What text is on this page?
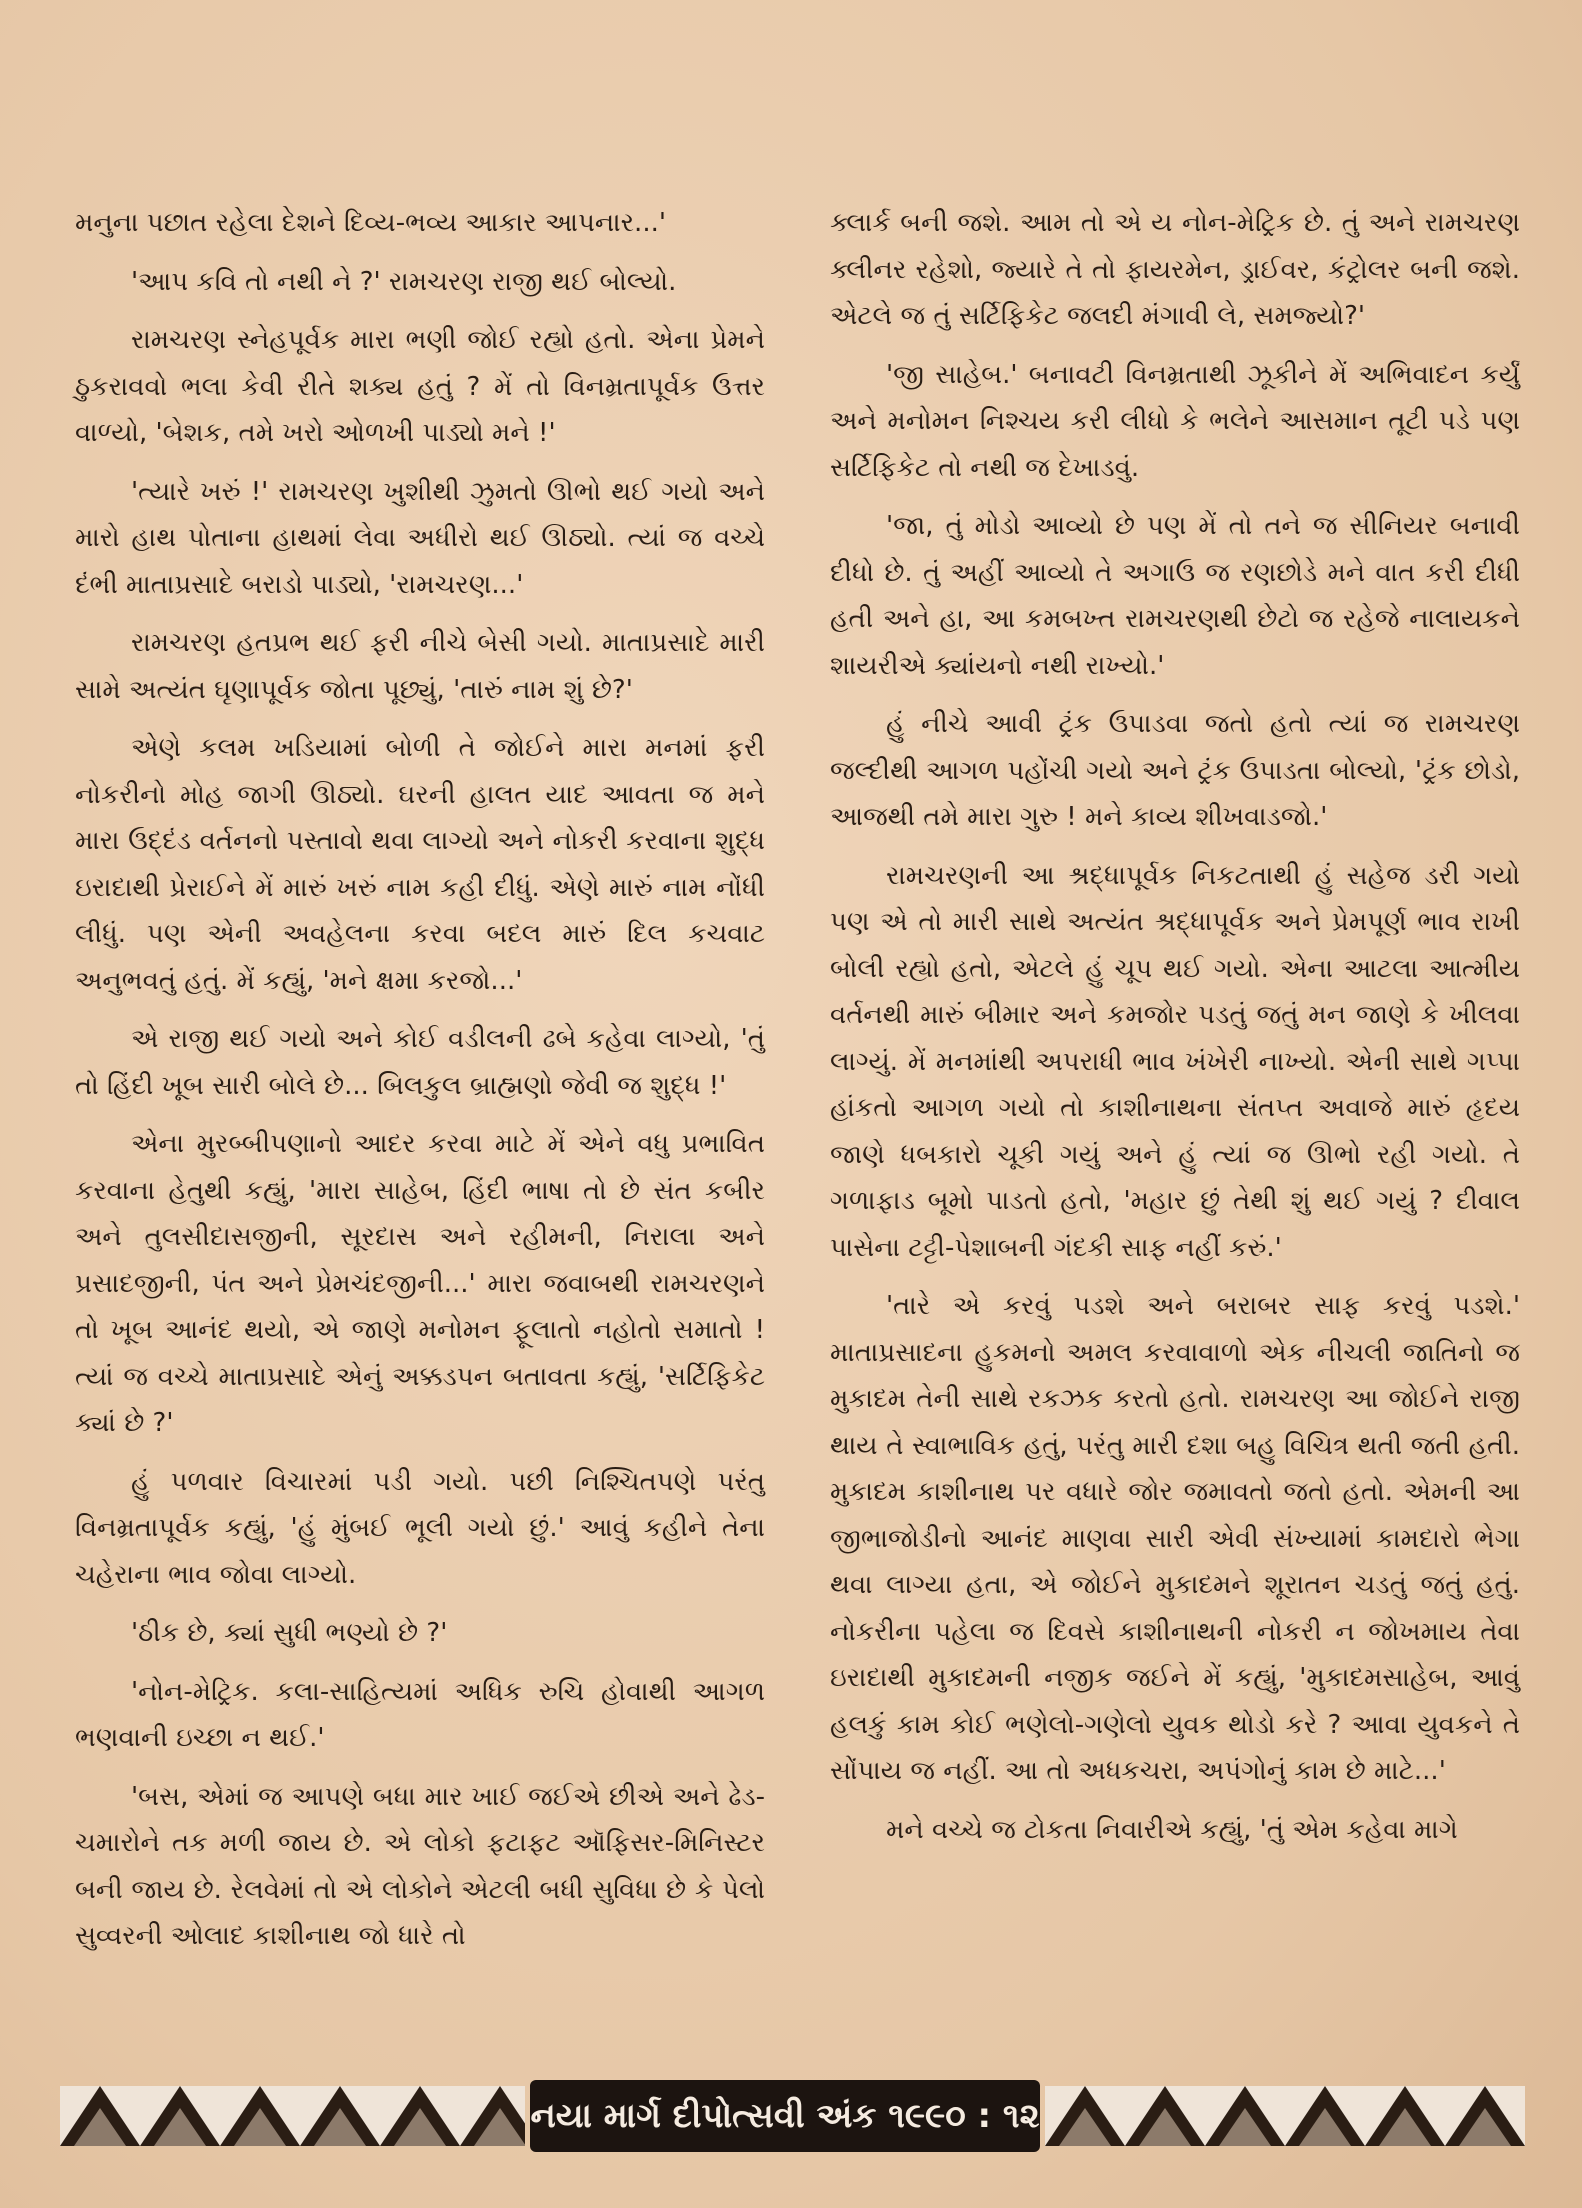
મનુના પછાત રહેલા દેશને દિવ્ય-ભવ્ય આકાર આપનાર...'

'આપ કવિ તો નથી ને ?' રામચરણ રાજી થઈ બોલ્યો.

રામચરણ સ્નેહપૂર્વક મારા ભણી જોઈ રહ્યો હતો. એના પ્રેમને ઠુકરાવવો ભલા કેવી રીતે શક્ય હતું ? મેં તો વિનમ્રતાપૂર્વક ઉત્તર વાળ્યો, 'બેશક, તમે ખરો ઓળખી પાડ્યો મને !'

'ત્યારે ખરું !' રામચરણ ખુશીથી ઝુમતો ઊભો થઈ ગયો અને મારો હાથ પોતાના હાથમાં લેવા અધીરો થઈ ઊઠ્યો. ત્યાં જ વચ્ચે દંભી માતાપ્રસાદે બરાડો પાડ્યો, 'રામચરણ...'

રામચરણ હતપ્રભ થઈ ફરી નીચે બેસી ગયો. માતાપ્રસાદે મારી સામે અત્યંત ઘૃણાપૂર્વક જોતા પૂછ્યું, 'તારું નામ શું છે?'

એણે કલમ ખડિયામાં બોળી તે જોઈને મારા મનમાં ફરી નોકરીનો મોહ જાગી ઊઠ્યો. ઘરની હાલત યાદ આવતા જ મને મારા ઉદ્દંડ વર્તનનો પસ્તાવો થવા લાગ્યો અને નોકરી કરવાના શુદ્ધ ઇરાદાથી પ્રેરાઈને મેં મારું ખરું નામ કહી દીધું. એણે મારું નામ નોંધી લીધું. પણ એની અવહેલના કરવા બદલ મારું દિલ કચવાટ અનુભવતું હતું. મેં કહ્યું, 'મને ક્ષમા કરજો...'

એ રાજી થઈ ગયો અને કોઈ વડીલની ઢબે કહેવા લાગ્યો, 'તું તો હિંદી ખૂબ સારી બોલે છે... બિલકુલ બ્રાહ્મણો જેવી જ શુદ્ધ !'

એના મુરબ્બીપણાનો આદર કરવા માટે મેં એને વધુ પ્રભાવિત કરવાના હેતુથી કહ્યું, 'મારા સાહેબ, હિંદી ભાષા તો છે સંત કબીર અને તુલસીદાસજીની, સૂરદાસ અને રહીમની, નિરાલા અને પ્રસાદજીની, પંત અને પ્રેમચંદજીની...' મારા જવાબથી રામચરણને તો ખૂબ આનંદ થયો, એ જાણે મનોમન ફૂલાતો નહોતો સમાતો ! ત્યાં જ વચ્ચે માતાપ્રસાદે એનું અક્કડપન બતાવતા કહ્યું, 'સર્ટિફિકેટ ક્યાં છે ?'

હું પળવાર વિચારમાં પડી ગયો. પછી નિશ્ચિતપણે પરંતુ વિનમ્રતાપૂર્વક કહ્યું, 'હું મુંબઈ ભૂલી ગયો છું.' આવું કહીને તેના ચહેરાના ભાવ જોવા લાગ્યો.

'ઠીક છે, ક્યાં સુધી ભણ્યો છે ?'

'નોન-મેટ્રિક. કલા-સાહિત્યમાં અધિક રુચિ હોવાથી આગળ ભણવાની ઇચ્છા ન થઈ.'

'બસ, એમાં જ આપણે બધા માર ખાઈ જઈએ છીએ અને ઢેડ-ચમારોને તક મળી જાય છે. એ લોકો ફટાફટ ઑફિસર-મિનિસ્ટર બની જાય છે. રેલવેમાં તો એ લોકોને એટલી બધી સુવિધા છે કે પેલો સુવ્વરની ઓલાદ કાશીનાથ જો ધારે તો

ક્લાર્ક બની જશે. આમ તો એ ય નોન-મેટ્રિક છે. તું અને રામચરણ ક્લીનર રહેશો, જ્યારે તે તો ફાયરમેન, ડ્રાઈવર, કંટ્રોલર બની જશે. એટલે જ તું સર્ટિફિકેટ જલદી મંગાવી લે, સમજ્યો?'

'જી સાહેબ.' બનાવટી વિનમ્રતાથી ઝૂકીને મેં અભિવાદન કર્યું અને મનોમન નિશ્ચય કરી લીધો કે ભલેને આસમાન તૂટી પડે પણ સર્ટિફિકેટ તો નથી જ દેખાડવું.

'જા, તું મોડો આવ્યો છે પણ મેં તો તને જ સીનિયર બનાવી દીધો છે. તું અહીં આવ્યો તે અગાઉ જ રણછોડે મને વાત કરી દીધી હતી અને હા, આ કમબખ્ત રામચરણથી છેટો જ રહેજે નાલાયકને શાયરીએ ક્યાંયનો નથી રાખ્યો.'

હું નીચે આવી ટ્રંક ઉપાડવા જતો હતો ત્યાં જ રામચરણ જલ્દીથી આગળ પહોંચી ગયો અને ટ્રંક ઉપાડતા બોલ્યો, 'ટ્રંક છોડો, આજથી તમે મારા ગુરુ ! મને કાવ્ય શીખવાડજો.'

રામચરણની આ શ્રદ્ધાપૂર્વક નિકટતાથી હું સહેજ ડરી ગયો પણ એ તો મારી સાથે અત્યંત શ્રદ્ધાપૂર્વક અને પ્રેમપૂર્ણ ભાવ રાખી બોલી રહ્યો હતો, એટલે હું ચૂપ થઈ ગયો. એના આટલા આત્મીય વર્તનથી મારું બીમાર અને કમજોર પડતું જતું મન જાણે કે ખીલવા લાગ્યું. મેં મનમાંથી અપરાધી ભાવ ખંખેરી નાખ્યો. એની સાથે ગપ્પા હાંકતો આગળ ગયો તો કાશીનાથના સંતપ્ત અવાજે મારું હૃદય જાણે ધબકારો ચૂકી ગયું અને હું ત્યાં જ ઊભો રહી ગયો. તે ગળાફાડ બૂમો પાડતો હતો, 'મહાર છું તેથી શું થઈ ગયું ? દીવાલ પાસેના ટટ્ટી-પેશાબની ગંદકી સાફ નહીં કરું.'

'તારે એ કરવું પડશે અને બરાબર સાફ કરવું પડશે.' માતાપ્રસાદના હુકમનો અમલ કરવાવાળો એક નીચલી જાતિનો જ મુકાદમ તેની સાથે રકઝક કરતો હતો. રામચરણ આ જોઈને રાજી થાય તે સ્વાભાવિક હતું, પરંતુ મારી દશા બહુ વિચિત્ર થતી જતી હતી. મુકાદમ કાશીનાથ પર વધારે જોર જમાવતો જતો હતો. એમની આ જીભાજોડીનો આનંદ માણવા સારી એવી સંખ્યામાં કામદારો ભેગા થવા લાગ્યા હતા, એ જોઈને મુકાદમને શૂરાતન ચડતું જતું હતું. નોકરીના પહેલા જ દિવસે કાશીનાથની નોકરી ન જોખમાય તેવા ઇરાદાથી મુકાદમની નજીક જઈને મેં કહ્યું, 'મુકાદમસાહેબ, આવું હલકું કામ કોઈ ભણેલો-ગણેલો યુવક થોડો કરે ? આવા યુવકને તે સોંપાય જ નહીં. આ તો અધકચરા, અપંગોનું કામ છે માટે...'

મને વચ્ચે જ ટોકતા નિવારીએ કહ્યું, 'તું એમ કહેવા માગે

નયા માર્ગ દીપોત્સવી અંક ૧૯૯૦ : ૧૨
